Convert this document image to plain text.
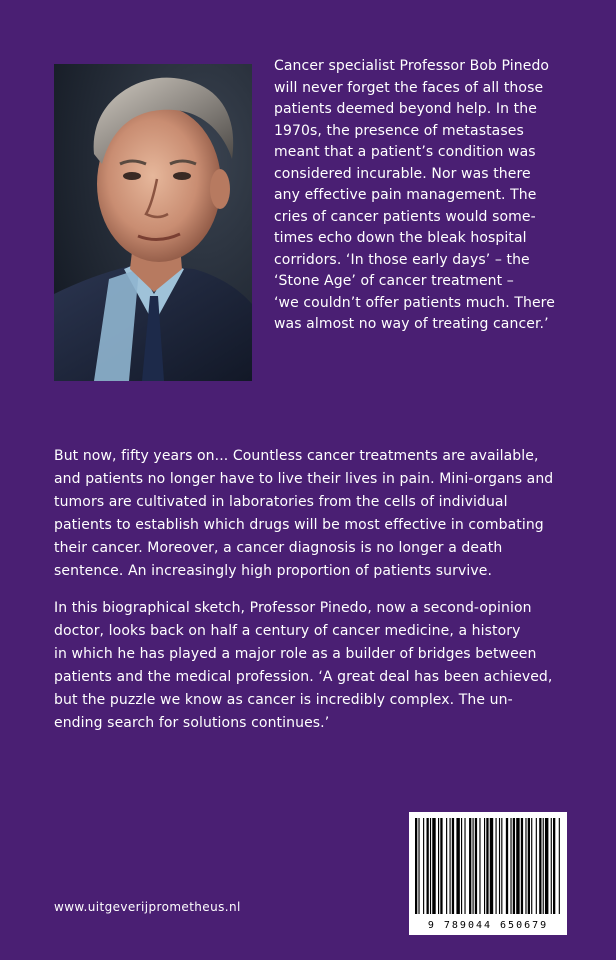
Cancer specialist Professor Bob Pinedo
will never forget the faces of all those
patients deemed beyond help. In the
1970s, the presence of metastases
meant that a patient’s condition was
considered incurable. Nor was there
any effective pain management. The
cries of cancer patients would some-
times echo down the bleak hospital
corridors. ‘In those early days’ – the
‘Stone Age’ of cancer treatment –
‘we couldn’t offer patients much. There
was almost no way of treating cancer.’

But now, fifty years on... Countless cancer treatments are available,
and patients no longer have to live their lives in pain. Mini-organs and
tumors are cultivated in laboratories from the cells of individual
patients to establish which drugs will be most effective in combating
their cancer. Moreover, a cancer diagnosis is no longer a death
sentence. An increasingly high proportion of patients survive.

In this biographical sketch, Professor Pinedo, now a second-opinion
doctor, looks back on half a century of cancer medicine, a history
in which he has played a major role as a builder of bridges between
patients and the medical profession. ‘A great deal has been achieved,
but the puzzle we know as cancer is incredibly complex. The un-
ending search for solutions continues.’

www.uitgeverijprometheus.nl
9 789044 650679
